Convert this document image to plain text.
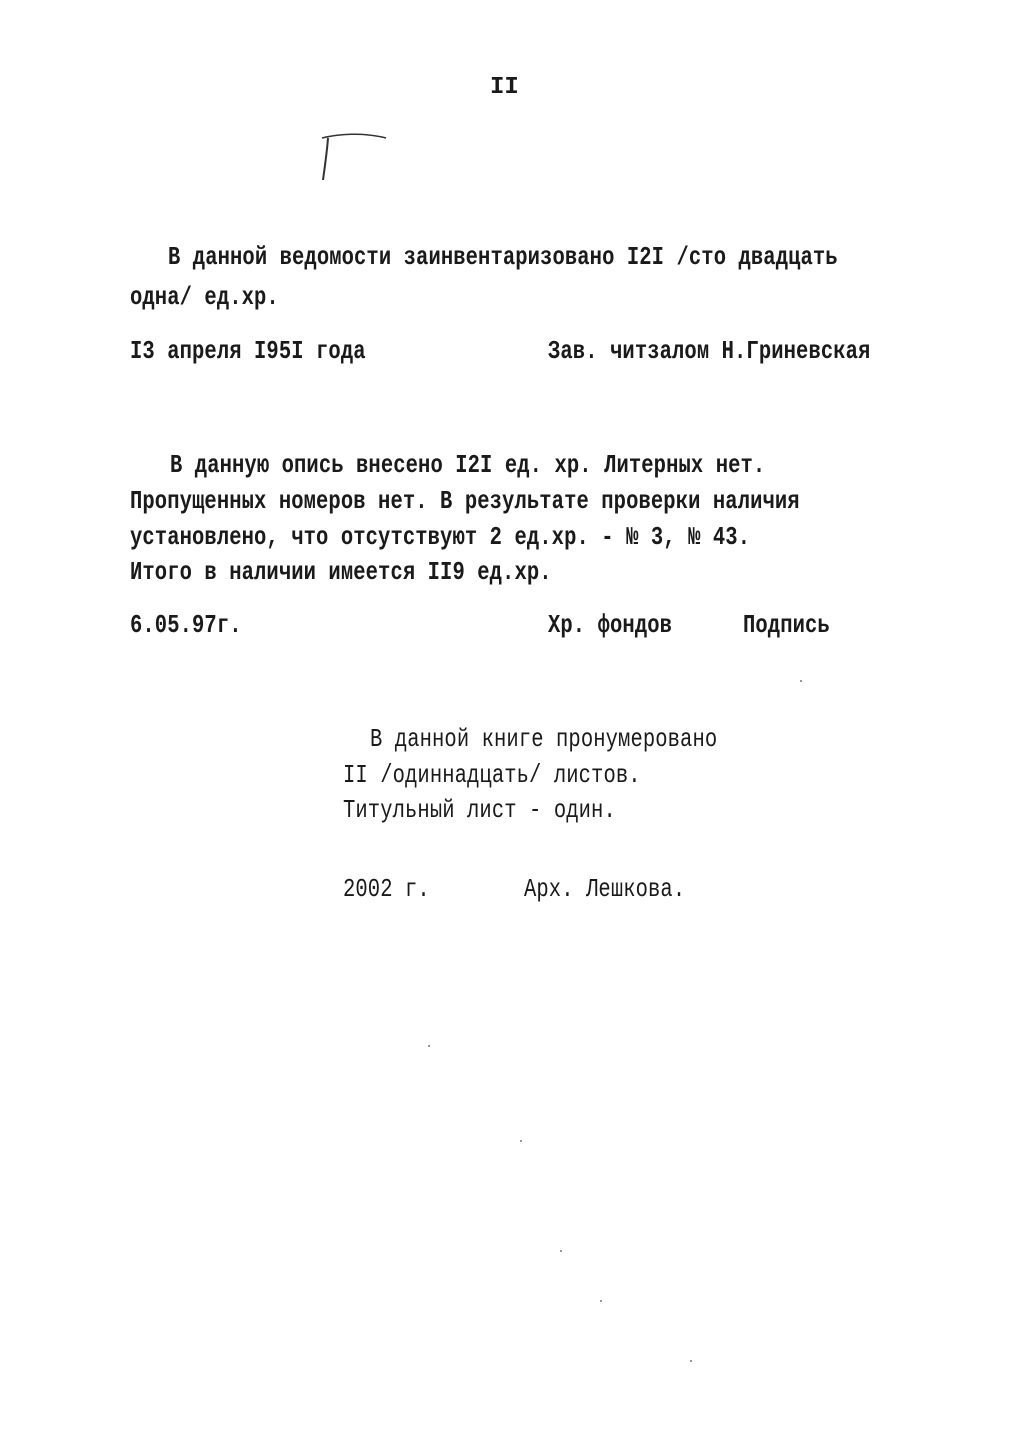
II
В данной ведомости заинвентаризовано I2I /сто двадцать
одна/ ед.хр.
I3 апреля I95I года	Зав. читзалом Н.Гриневская
В данную опись внесено I2I ед. хр. Литерных нет.
Пропущенных номеров нет. В результате проверки наличия
установлено, что отсутствуют 2 ед.хр. - № 3, № 43.
Итого в наличии имеется II9 ед.хр.
6.05.97г.	Хр. фондов	Подпись
В данной книге пронумеровано
II /одиннадцать/ листов.
Титульный лист - один.
2002 г.	Арх. Лешкова.
